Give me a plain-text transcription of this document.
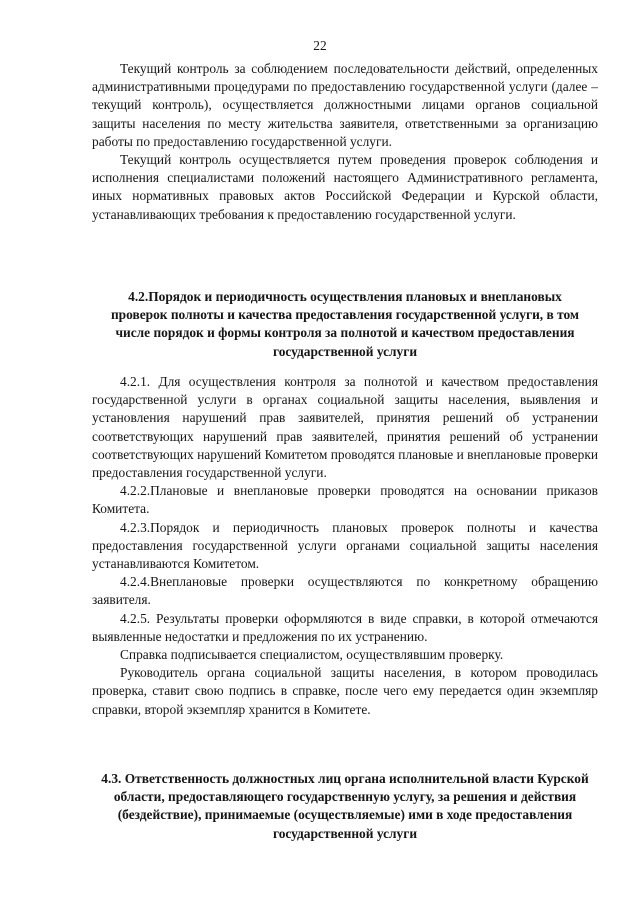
22

Текущий контроль за соблюдением последовательности действий, определенных административными процедурами по предоставлению государственной услуги (далее – текущий контроль), осуществляется должностными лицами органов социальной защиты населения по месту жительства заявителя, ответственными за организацию работы по предоставлению государственной услуги.

Текущий контроль осуществляется путем проведения проверок соблюдения и исполнения специалистами положений настоящего Административного регламента, иных нормативных правовых актов Российской Федерации и Курской области, устанавливающих требования к предоставлению государственной услуги.

4.2.Порядок и периодичность осуществления плановых и внеплановых проверок полноты и качества предоставления государственной услуги, в том числе порядок и формы контроля за полнотой и качеством предоставления государственной услуги

4.2.1. Для осуществления контроля за полнотой и качеством предоставления государственной услуги в органах социальной защиты населения, выявления и установления нарушений прав заявителей, принятия решений об устранении соответствующих нарушений прав заявителей, принятия решений об устранении соответствующих нарушений Комитетом проводятся плановые и внеплановые проверки предоставления государственной услуги.

4.2.2.Плановые и внеплановые проверки проводятся на основании приказов Комитета.

4.2.3.Порядок и периодичность плановых проверок полноты и качества предоставления государственной услуги органами социальной защиты населения устанавливаются Комитетом.

4.2.4.Внеплановые проверки осуществляются по конкретному обращению заявителя.

4.2.5. Результаты проверки оформляются в виде справки, в которой отмечаются выявленные недостатки и предложения по их устранению.

Справка подписывается специалистом, осуществлявшим проверку.

Руководитель органа социальной защиты населения, в котором проводилась проверка, ставит свою подпись в справке, после чего ему передается один экземпляр справки, второй экземпляр хранится в Комитете.

4.3. Ответственность должностных лиц органа исполнительной власти Курской области, предоставляющего государственную услугу, за решения и действия (бездействие), принимаемые (осуществляемые) ими в ходе предоставления государственной услуги
